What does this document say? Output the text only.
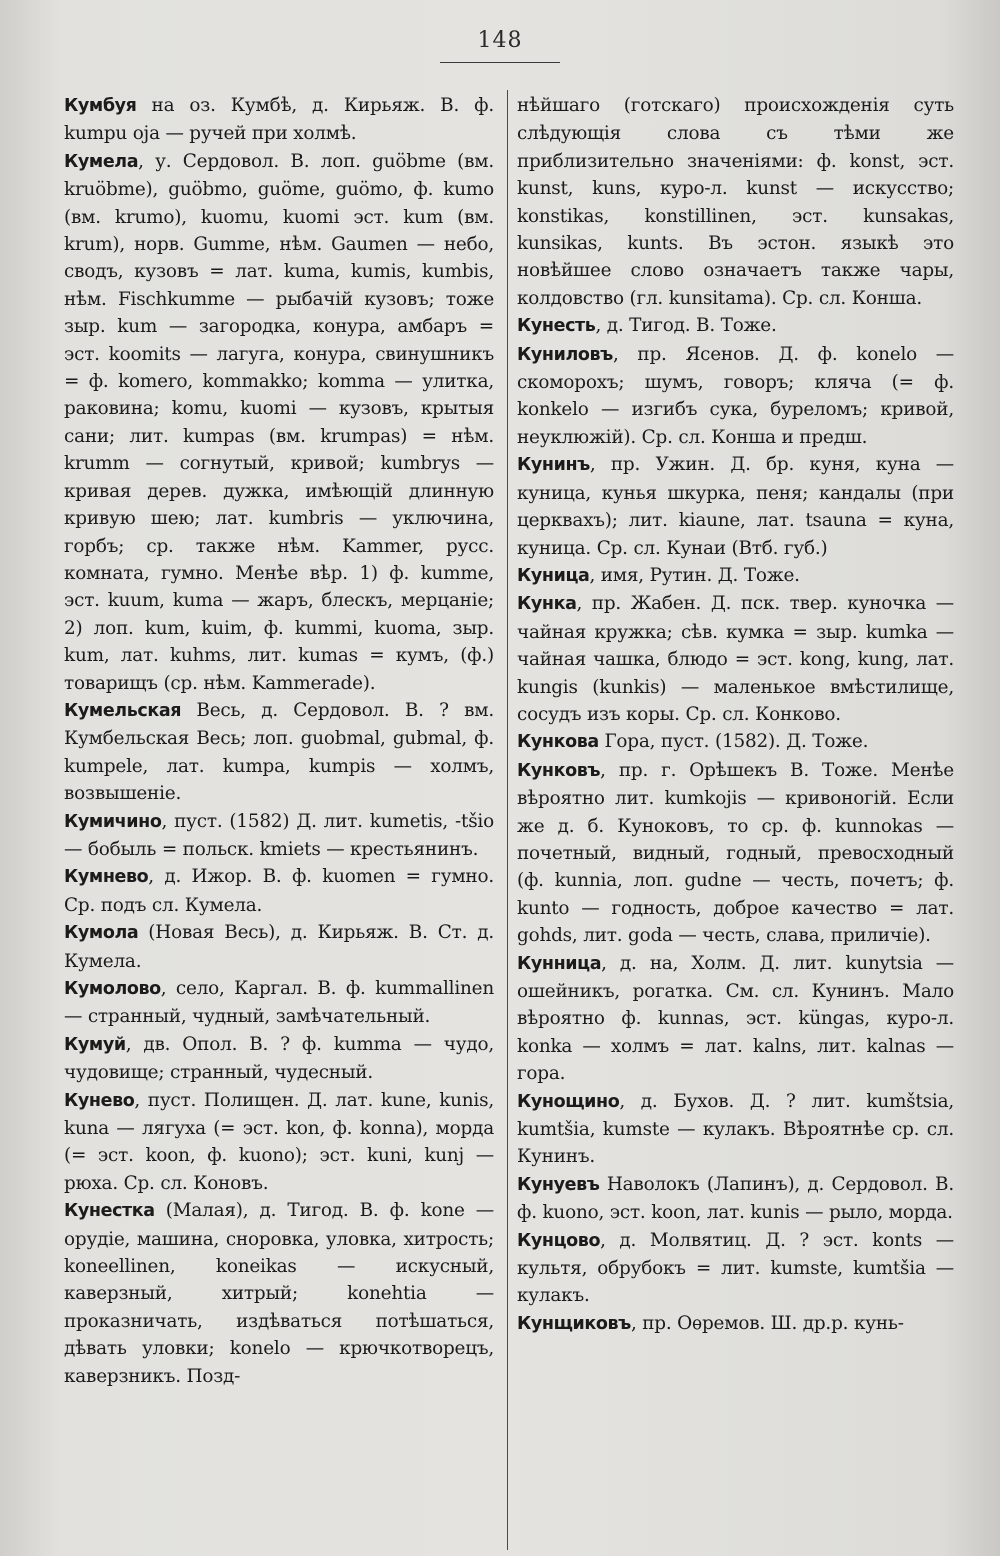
148

Кумбуя на оз. Кумбѣ, д. Кирьяж. В. ф. kumpu oja — ручей при холмѣ.

Кумела, у. Сердовол. В. лоп. guöbme (вм. kruöbme), guöbmo, guöme, guömo, ф. kumo (вм. krumo), kuomu, kuomi эст. kum (вм. krum), норв. Gumme, нѣм. Gaumen — небо, сводъ, кузовъ = лат. kuma, kumis, kumbis, нѣм. Fischkumme — рыбачій кузовъ; тоже зыр. kum — загородка, конура, амбаръ = эст. koomits — лагуга, конура, свинушникъ = ф. komero, kommakko; komma — улитка, раковина; komu, kuomi — кузовъ, крытыя сани; лит. kumpas (вм. krumpas) = нѣм. krumm — согнутый, кривой; kumbrys — кривая дерев. дужка, имѣющій длинную кривую шею; лат. kumbris — уключина, горбъ; ср. также нѣм. Kammer, русс. комната, гумно. Менѣе вѣр. 1) ф. kumme, эст. kuum, kuma — жаръ, блескъ, мерцаніе; 2) лоп. kum, kuim, ф. kummi, kuoma, зыр. kum, лат. kuhms, лит. kumas = кумъ, (ф.) товарищъ (ср. нѣм. Kammerade).

Кумельская Весь, д. Сердовол. В. ? вм. Кумбельская Весь; лоп. guobmal, gubmal, ф. kumpele, лат. kumpa, kumpis — холмъ, возвышеніе.

Кумичино, пуст. (1582) Д. лит. kumetis, -tšio — бобыль = польск. kmiets — крестьянинъ.

Кумнево, д. Ижор. В. ф. kuomen = гумно. Ср. подъ сл. Кумела.

Кумола (Новая Весь), д. Кирьяж. В. Ст. д. Кумела.

Кумолово, село, Каргал. В. ф. kummallinen — странный, чудный, замѣчательный.

Кумуй, дв. Опол. В. ? ф. kumma — чудо, чудовище; странный, чудесный.

Кунево, пуст. Полищен. Д. лат. kune, kunis, kuna — лягуха (= эст. kon, ф. konna), морда (= эст. koon, ф. kuono); эст. kuni, kunj — рюха. Ср. сл. Коновъ.

Кунестка (Малая), д. Тигод. В. ф. kone — орудіе, машина, сноровка, уловка, хитрость; koneellinen, koneikas — искусный, каверзный, хитрый; konehtia — проказничать, издѣваться потѣшаться, дѣвать уловки; konelo — крючкотворецъ, каверзникъ. Позд-

нѣйшаго (готскаго) происхожденія суть слѣдующія слова съ тѣми же приблизительно значеніями: ф. konst, эст. kunst, kuns, куро-л. kunst — искусство; konstikas, konstillinen, эст. kunsakas, kunsikas, kunts. Въ эстон. языкѣ это новѣйшее слово означаетъ также чары, колдовство (гл. kunsitama). Ср. сл. Конша.

Кунесть, д. Тигод. В. Тоже.

Куниловъ, пр. Ясенов. Д. ф. konelo — скоморохъ; шумъ, говоръ; кляча (= ф. konkelo — изгибъ сука, буреломъ; кривой, неуклюжій). Ср. сл. Конша и предш.

Кунинъ, пр. Ужин. Д. бр. куня, куна — куница, кунья шкурка, пеня; кандалы (при церквахъ); лит. kiaune, лат. tsauna = куна, куница. Ср. сл. Кунаи (Втб. губ.)

Куница, имя, Рутин. Д. Тоже.

Кунка, пр. Жабен. Д. пск. твер. куночка — чайная кружка; сѣв. кумка = зыр. kumka — чайная чашка, блюдо = эст. kong, kung, лат. kungis (kunkis) — маленькое вмѣстилище, сосудъ изъ коры. Ср. сл. Конково.

Кункова Гора, пуст. (1582). Д. Тоже.

Кунковъ, пр. г. Орѣшекъ В. Тоже. Менѣе вѣроятно лит. kumkojis — кривоногій. Если же д. б. Куноковъ, то ср. ф. kunnokas — почетный, видный, годный, превосходный (ф. kunnia, лоп. gudne — честь, почетъ; ф. kunto — годность, доброе качество = лат. gohds, лит. goda — честь, слава, приличіе).

Кунница, д. на, Холм. Д. лит. kunytsia — ошейникъ, рогатка. См. сл. Кунинъ. Мало вѣроятно ф. kunnas, эст. küngas, куро-л. konka — холмъ = лат. kalns, лит. kalnas — гора.

Кунощино, д. Бухов. Д. ? лит. kumštsia, kumtšia, kumste — кулакъ. Вѣроятнѣе ср. сл. Кунинъ.

Кунуевъ Наволокъ (Лапинъ), д. Сердовол. В. ф. kuono, эст. koon, лат. kunis — рыло, морда.

Кунцово, д. Молвятиц. Д. ? эст. konts — культя, обрубокъ = лит. kumste, kumtšia — кулакъ.

Кунщиковъ, пр. Оѳремов. Ш. др.р. кунь-
